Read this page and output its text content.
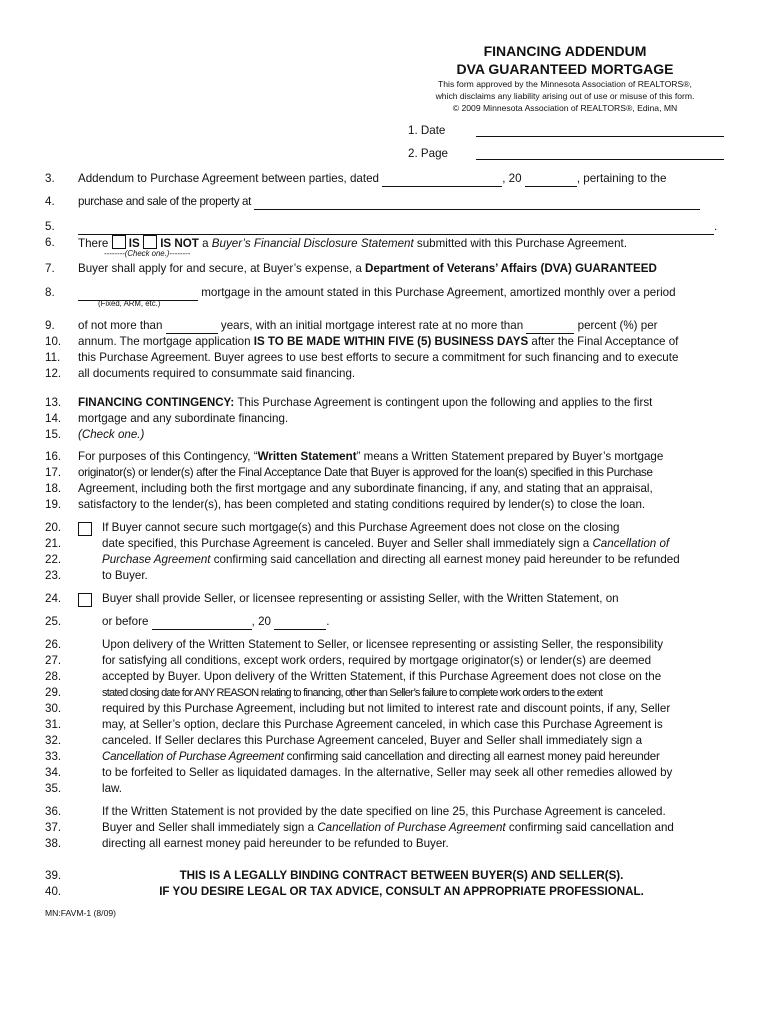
FINANCING ADDENDUM
DVA GUARANTEED MORTGAGE
This form approved by the Minnesota Association of REALTORS®,
which disclaims any liability arising out of use or misuse of this form.
© 2009 Minnesota Association of REALTORS®, Edina, MN
1. Date
2. Page
3.	Addendum to Purchase Agreement between parties, dated	, 20	, pertaining to the
4.	purchase and sale of the property at
5.	.
6.	There IS IS NOT a Buyer’s Financial Disclosure Statement submitted with this Purchase Agreement.
--------(Check one.)--------
7.	Buyer shall apply for and secure, at Buyer’s expense, a Department of Veterans’ Affairs (DVA) GUARANTEED
8.	mortgage in the amount stated in this Purchase Agreement, amortized monthly over a period
(Fixed, ARM, etc.)
9.	of not more than	years, with an initial mortgage interest rate at no more than	percent (%) per
10.	annum. The mortgage application IS TO BE MADE WITHIN FIVE (5) BUSINESS DAYS after the Final Acceptance of
11.	this Purchase Agreement. Buyer agrees to use best efforts to secure a commitment for such financing and to execute
12.	all documents required to consummate said financing.
13.	FINANCING CONTINGENCY: This Purchase Agreement is contingent upon the following and applies to the first
14.	mortgage and any subordinate financing.
15.	(Check one.)
16.	For purposes of this Contingency, “Written Statement” means a Written Statement prepared by Buyer’s mortgage
17.	originator(s) or lender(s) after the Final Acceptance Date that Buyer is approved for the loan(s) specified in this Purchase
18.	Agreement, including both the first mortgage and any subordinate financing, if any, and stating that an appraisal,
19.	satisfactory to the lender(s), has been completed and stating conditions required by lender(s) to close the loan.
20.	If Buyer cannot secure such mortgage(s) and this Purchase Agreement does not close on the closing
21.	date specified, this Purchase Agreement is canceled. Buyer and Seller shall immediately sign a Cancellation of
22.	Purchase Agreement confirming said cancellation and directing all earnest money paid hereunder to be refunded
23.	to Buyer.
24.	Buyer shall provide Seller, or licensee representing or assisting Seller, with the Written Statement, on
25.	or before	, 20	.
26.	Upon delivery of the Written Statement to Seller, or licensee representing or assisting Seller, the responsibility
27.	for satisfying all conditions, except work orders, required by mortgage originator(s) or lender(s) are deemed
28.	accepted by Buyer. Upon delivery of the Written Statement, if this Purchase Agreement does not close on the
29.	stated closing date for ANY REASON relating to financing, other than Seller’s failure to complete work orders to the extent
30.	required by this Purchase Agreement, including but not limited to interest rate and discount points, if any, Seller
31.	may, at Seller’s option, declare this Purchase Agreement canceled, in which case this Purchase Agreement is
32.	canceled. If Seller declares this Purchase Agreement canceled, Buyer and Seller shall immediately sign a
33.	Cancellation of Purchase Agreement confirming said cancellation and directing all earnest money paid hereunder
34.	to be forfeited to Seller as liquidated damages. In the alternative, Seller may seek all other remedies allowed by
35.	law.
36.	If the Written Statement is not provided by the date specified on line 25, this Purchase Agreement is canceled.
37.	Buyer and Seller shall immediately sign a Cancellation of Purchase Agreement confirming said cancellation and
38.	directing all earnest money paid hereunder to be refunded to Buyer.
39.	THIS IS A LEGALLY BINDING CONTRACT BETWEEN BUYER(S) AND SELLER(S).
40.	IF YOU DESIRE LEGAL OR TAX ADVICE, CONSULT AN APPROPRIATE PROFESSIONAL.
MN:FAVM-1 (8/09)
